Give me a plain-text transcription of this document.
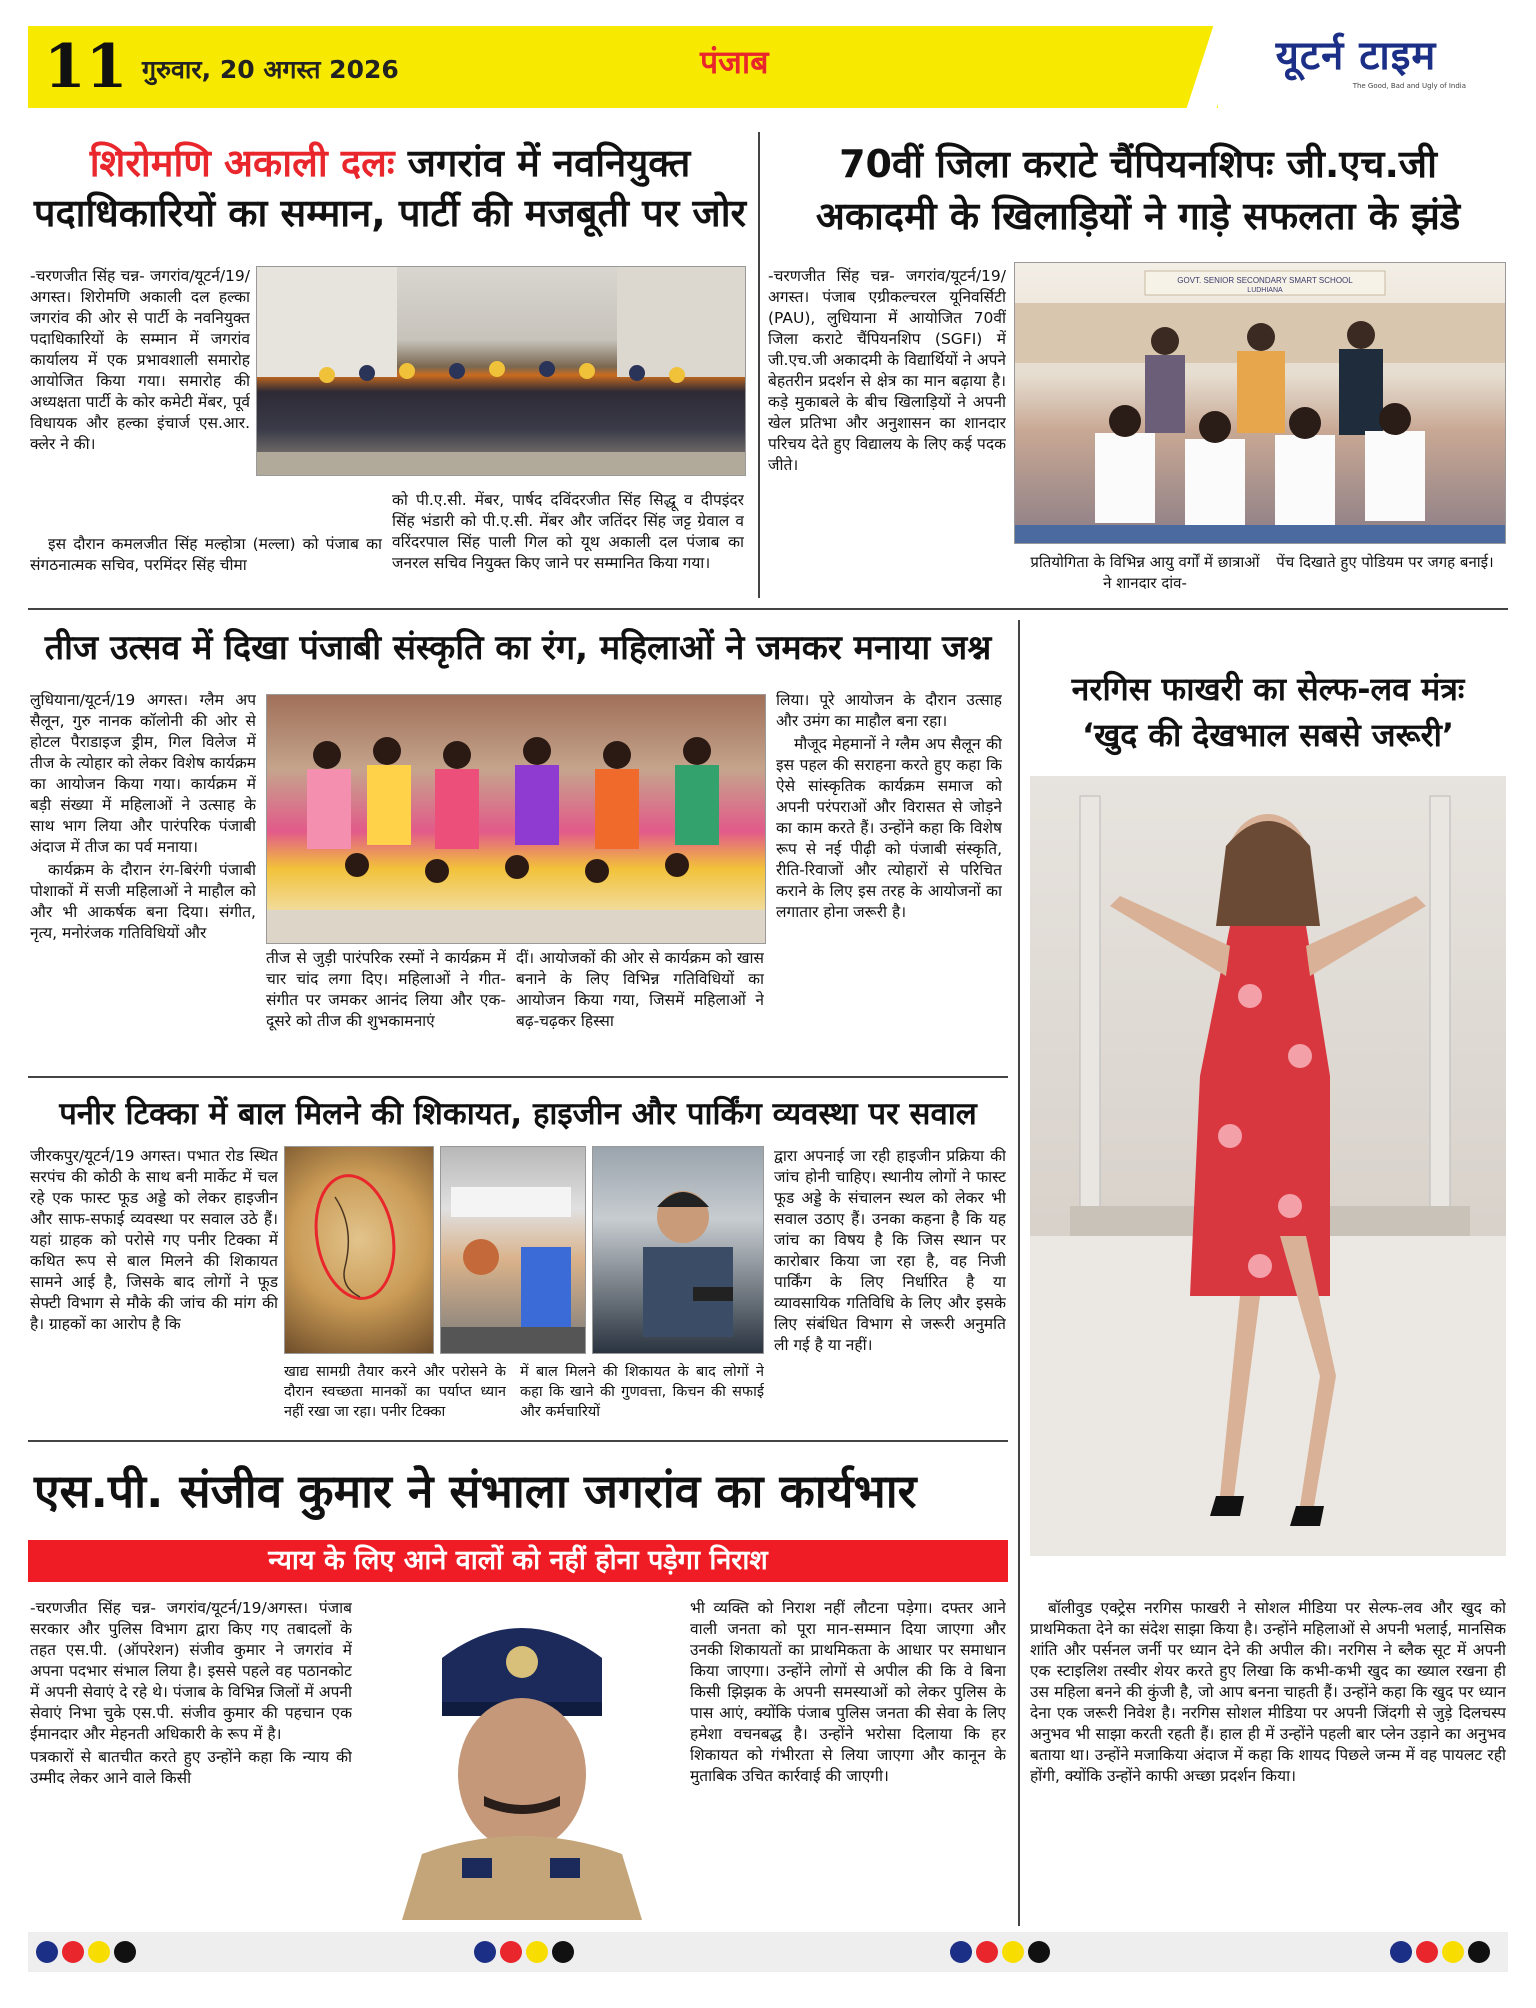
11 गुरुवार, 20 अगस्त 2026	पंजाब	यूटर्न टाइम
The Good, Bad and Ugly of India
शिरोमणि अकाली दलः जगरांव में नवनियुक्त
पदाधिकारियों का सम्मान, पार्टी की मजबूती पर जोर

-चरणजीत सिंह चन्न- जगरांव/यूटर्न/19/अगस्त। शिरोमणि अकाली दल हल्का जगरांव की ओर से पार्टी के नवनियुक्त पदाधिकारियों के सम्मान में जगरांव कार्यालय में एक प्रभावशाली समारोह आयोजित किया गया। समारोह की अध्यक्षता पार्टी के कोर कमेटी मेंबर, पूर्व विधायक और हल्का इंचार्ज एस.आर. क्लेर ने की।

इस दौरान कमलजीत सिंह मल्होत्रा (मल्ला) को पंजाब का संगठनात्मक सचिव, परमिंदर सिंह चीमा

को पी.ए.सी. मेंबर, पार्षद दविंदरजीत सिंह सिद्धू व दीपइंदर सिंह भंडारी को पी.ए.सी. मेंबर और जतिंदर सिंह जट्ट ग्रेवाल व वरिंदरपाल सिंह पाली गिल को यूथ अकाली दल पंजाब का जनरल सचिव नियुक्त किए जाने पर सम्मानित किया गया।

70वीं जिला कराटे चैंपियनशिपः जी.एच.जी
अकादमी के खिलाड़ियों ने गाड़े सफलता के झंडे

-चरणजीत सिंह चन्न- जगरांव/यूटर्न/19/अगस्त। पंजाब एग्रीकल्चरल यूनिवर्सिटी (PAU), लुधियाना में आयोजित 70वीं जिला कराटे चैंपियनशिप (SGFI) में जी.एच.जी अकादमी के विद्यार्थियों ने अपने बेहतरीन प्रदर्शन से क्षेत्र का मान बढ़ाया है। कड़े मुकाबले के बीच खिलाड़ियों ने अपनी खेल प्रतिभा और अनुशासन का शानदार परिचय देते हुए विद्यालय के लिए कई पदक जीते।

GOVT. SENIOR SECONDARY SMART SCHOOL
LUDHIANA
प्रतियोगिता के विभिन्न आयु वर्गों में छात्राओं ने शानदार दांव-
पेंच दिखाते हुए पोडियम पर जगह बनाई।
तीज उत्सव में दिखा पंजाबी संस्कृति का रंग, महिलाओं ने जमकर मनाया जश्न

लुधियाना/यूटर्न/19 अगस्त। ग्लैम अप सैलून, गुरु नानक कॉलोनी की ओर से होटल पैराडाइज ड्रीम, गिल विलेज में तीज के त्योहार को लेकर विशेष कार्यक्रम का आयोजन किया गया। कार्यक्रम में बड़ी संख्या में महिलाओं ने उत्साह के साथ भाग लिया और पारंपरिक पंजाबी अंदाज में तीज का पर्व मनाया।

कार्यक्रम के दौरान रंग-बिरंगी पंजाबी पोशाकों में सजी महिलाओं ने माहौल को और भी आकर्षक बना दिया। संगीत, नृत्य, मनोरंजक गतिविधियों और

तीज से जुड़ी पारंपरिक रस्मों ने कार्यक्रम में चार चांद लगा दिए। महिलाओं ने गीत-संगीत पर जमकर आनंद लिया और एक-दूसरे को तीज की शुभकामनाएं

दीं। आयोजकों की ओर से कार्यक्रम को खास बनाने के लिए विभिन्न गतिविधियों का आयोजन किया गया, जिसमें महिलाओं ने बढ़-चढ़कर हिस्सा

लिया। पूरे आयोजन के दौरान उत्साह और उमंग का माहौल बना रहा।

मौजूद मेहमानों ने ग्लैम अप सैलून की इस पहल की सराहना करते हुए कहा कि ऐसे सांस्कृतिक कार्यक्रम समाज को अपनी परंपराओं और विरासत से जोड़ने का काम करते हैं। उन्होंने कहा कि विशेष रूप से नई पीढ़ी को पंजाबी संस्कृति, रीति-रिवाजों और त्योहारों से परिचित कराने के लिए इस तरह के आयोजनों का लगातार होना जरूरी है।

पनीर टिक्का में बाल मिलने की शिकायत, हाइजीन और पार्किंग व्यवस्था पर सवाल

जीरकपुर/यूटर्न/19 अगस्त। पभात रोड स्थित सरपंच की कोठी के साथ बनी मार्केट में चल रहे एक फास्ट फूड अड्डे को लेकर हाइजीन और साफ-सफाई व्यवस्था पर सवाल उठे हैं। यहां ग्राहक को परोसे गए पनीर टिक्का में कथित रूप से बाल मिलने की शिकायत सामने आई है, जिसके बाद लोगों ने फूड सेफ्टी विभाग से मौके की जांच की मांग की है। ग्राहकों का आरोप है कि

खाद्य सामग्री तैयार करने और परोसने के दौरान स्वच्छता मानकों का पर्याप्त ध्यान नहीं रखा जा रहा। पनीर टिक्का

में बाल मिलने की शिकायत के बाद लोगों ने कहा कि खाने की गुणवत्ता, किचन की सफाई और कर्मचारियों

द्वारा अपनाई जा रही हाइजीन प्रक्रिया की जांच होनी चाहिए। स्थानीय लोगों ने फास्ट फूड अड्डे के संचालन स्थल को लेकर भी सवाल उठाए हैं। उनका कहना है कि यह जांच का विषय है कि जिस स्थान पर कारोबार किया जा रहा है, वह निजी पार्किंग के लिए निर्धारित है या व्यावसायिक गतिविधि के लिए और इसके लिए संबंधित विभाग से जरूरी अनुमति ली गई है या नहीं।

एस.पी. संजीव कुमार ने संभाला जगरांव का कार्यभार
न्याय के लिए आने वालों को नहीं होना पड़ेगा निराश

-चरणजीत सिंह चन्न- जगरांव/यूटर्न/19/अगस्त। पंजाब सरकार और पुलिस विभाग द्वारा किए गए तबादलों के तहत एस.पी. (ऑपरेशन) संजीव कुमार ने जगरांव में अपना पदभार संभाल लिया है। इससे पहले वह पठानकोट में अपनी सेवाएं दे रहे थे। पंजाब के विभिन्न जिलों में अपनी सेवाएं निभा चुके एस.पी. संजीव कुमार की पहचान एक ईमानदार और मेहनती अधिकारी के रूप में है।

पत्रकारों से बातचीत करते हुए उन्होंने कहा कि न्याय की उम्मीद लेकर आने वाले किसी

भी व्यक्ति को निराश नहीं लौटना पड़ेगा। दफ्तर आने वाली जनता को पूरा मान-सम्मान दिया जाएगा और उनकी शिकायतों का प्राथमिकता के आधार पर समाधान किया जाएगा। उन्होंने लोगों से अपील की कि वे बिना किसी झिझक के अपनी समस्याओं को लेकर पुलिस के पास आएं, क्योंकि पंजाब पुलिस जनता की सेवा के लिए हमेशा वचनबद्ध है। उन्होंने भरोसा दिलाया कि हर शिकायत को गंभीरता से लिया जाएगा और कानून के मुताबिक उचित कार्रवाई की जाएगी।

नरगिस फाखरी का सेल्फ-लव मंत्रः
‘खुद की देखभाल सबसे जरूरी’

बॉलीवुड एक्ट्रेस नरगिस फाखरी ने सोशल मीडिया पर सेल्फ-लव और खुद को प्राथमिकता देने का संदेश साझा किया है। उन्होंने महिलाओं से अपनी भलाई, मानसिक शांति और पर्सनल जर्नी पर ध्यान देने की अपील की। नरगिस ने ब्लैक सूट में अपनी एक स्टाइलिश तस्वीर शेयर करते हुए लिखा कि कभी-कभी खुद का ख्याल रखना ही उस महिला बनने की कुंजी है, जो आप बनना चाहती हैं। उन्होंने कहा कि खुद पर ध्यान देना एक जरूरी निवेश है। नरगिस सोशल मीडिया पर अपनी जिंदगी से जुड़े दिलचस्प अनुभव भी साझा करती रहती हैं। हाल ही में उन्होंने पहली बार प्लेन उड़ाने का अनुभव बताया था। उन्होंने मजाकिया अंदाज में कहा कि शायद पिछले जन्म में वह पायलट रही होंगी, क्योंकि उन्होंने काफी अच्छा प्रदर्शन किया।
